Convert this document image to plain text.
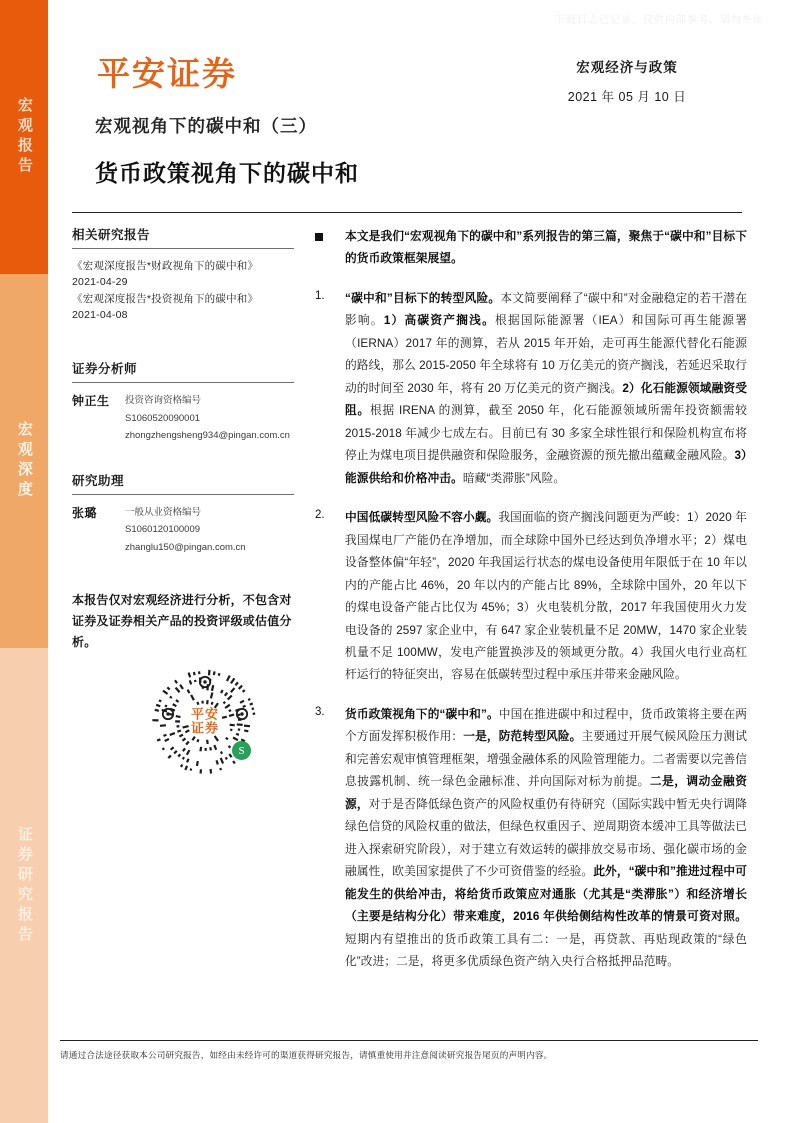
宏观报告
宏观深度
证券研究报告
下载日志已记录，仅供内部参考，请勿外传
平安证券	宏观经济与政策
2021 年 05 月 10 日
宏观视角下的碳中和（三）
货币政策视角下的碳中和
相关研究报告
《宏观深度报告*财政视角下的碳中和》
2021-04-29
《宏观深度报告*投资视角下的碳中和》
2021-04-08
证券分析师
钟正生	投资咨询资格编号
S1060520090001
zhongzhengsheng934@pingan.com.cn
研究助理
张璐	一般从业资格编号
S1060120100009
zhanglu150@pingan.com.cn
本报告仅对宏观经济进行分析，不包含对证券及证券相关产品的投资评级或估值分析。
平安
证券
S
本文是我们“宏观视角下的碳中和”系列报告的第三篇，聚焦于“碳中和”目标下的货币政策框架展望。
1.	“碳中和”目标下的转型风险。本文简要阐释了“碳中和”对金融稳定的若干潜在影响。1）高碳资产搁浅。根据国际能源署（IEA）和国际可再生能源署（IERNA）2017 年的测算，若从 2015 年开始，走可再生能源代替化石能源的路线，那么 2015-2050 年全球将有 10 万亿美元的资产搁浅，若延迟采取行动的时间至 2030 年，将有 20 万亿美元的资产搁浅。2）化石能源领域融资受阻。根据 IRENA 的测算，截至 2050 年，化石能源领域所需年投资额需较 2015-2018 年减少七成左右。目前已有 30 多家全球性银行和保险机构宣布将停止为煤电项目提供融资和保险服务，金融资源的预先撤出蕴藏金融风险。3）能源供给和价格冲击。暗藏“类滞胀”风险。
2.	中国低碳转型风险不容小觑。我国面临的资产搁浅问题更为严峻：1）2020 年我国煤电厂产能仍在净增加，而全球除中国外已经达到负净增水平；2）煤电设备整体偏“年轻”，2020 年我国运行状态的煤电设备使用年限低于在 10 年以内的产能占比 46%，20 年以内的产能占比 89%，全球除中国外，20 年以下的煤电设备产能占比仅为 45%；3）火电装机分散，2017 年我国使用火力发电设备的 2597 家企业中，有 647 家企业装机量不足 20MW，1470 家企业装机量不足 100MW，发电产能置换涉及的领域更分散。4）我国火电行业高杠杆运行的特征突出，容易在低碳转型过程中承压并带来金融风险。
3.	货币政策视角下的“碳中和”。中国在推进碳中和过程中，货币政策将主要在两个方面发挥积极作用：一是，防范转型风险。主要通过开展气候风险压力测试和完善宏观审慎管理框架，增强金融体系的风险管理能力。二者需要以完善信息披露机制、统一绿色金融标准、并向国际对标为前提。二是，调动金融资源，对于是否降低绿色资产的风险权重仍有待研究（国际实践中暂无央行调降绿色信贷的风险权重的做法，但绿色权重因子、逆周期资本缓冲工具等做法已进入探索研究阶段），对于建立有效运转的碳排放交易市场、强化碳市场的金融属性，欧美国家提供了不少可资借鉴的经验。此外，“碳中和”推进过程中可能发生的供给冲击，将给货币政策应对通胀（尤其是“类滞胀”）和经济增长（主要是结构分化）带来难度，2016 年供给侧结构性改革的情景可资对照。短期内有望推出的货币政策工具有二：一是，再贷款、再贴现政策的“绿色化”改进；二是，将更多优质绿色资产纳入央行合格抵押品范畴。
请通过合法途径获取本公司研究报告，如经由未经许可的渠道获得研究报告，请慎重使用并注意阅读研究报告尾页的声明内容。
